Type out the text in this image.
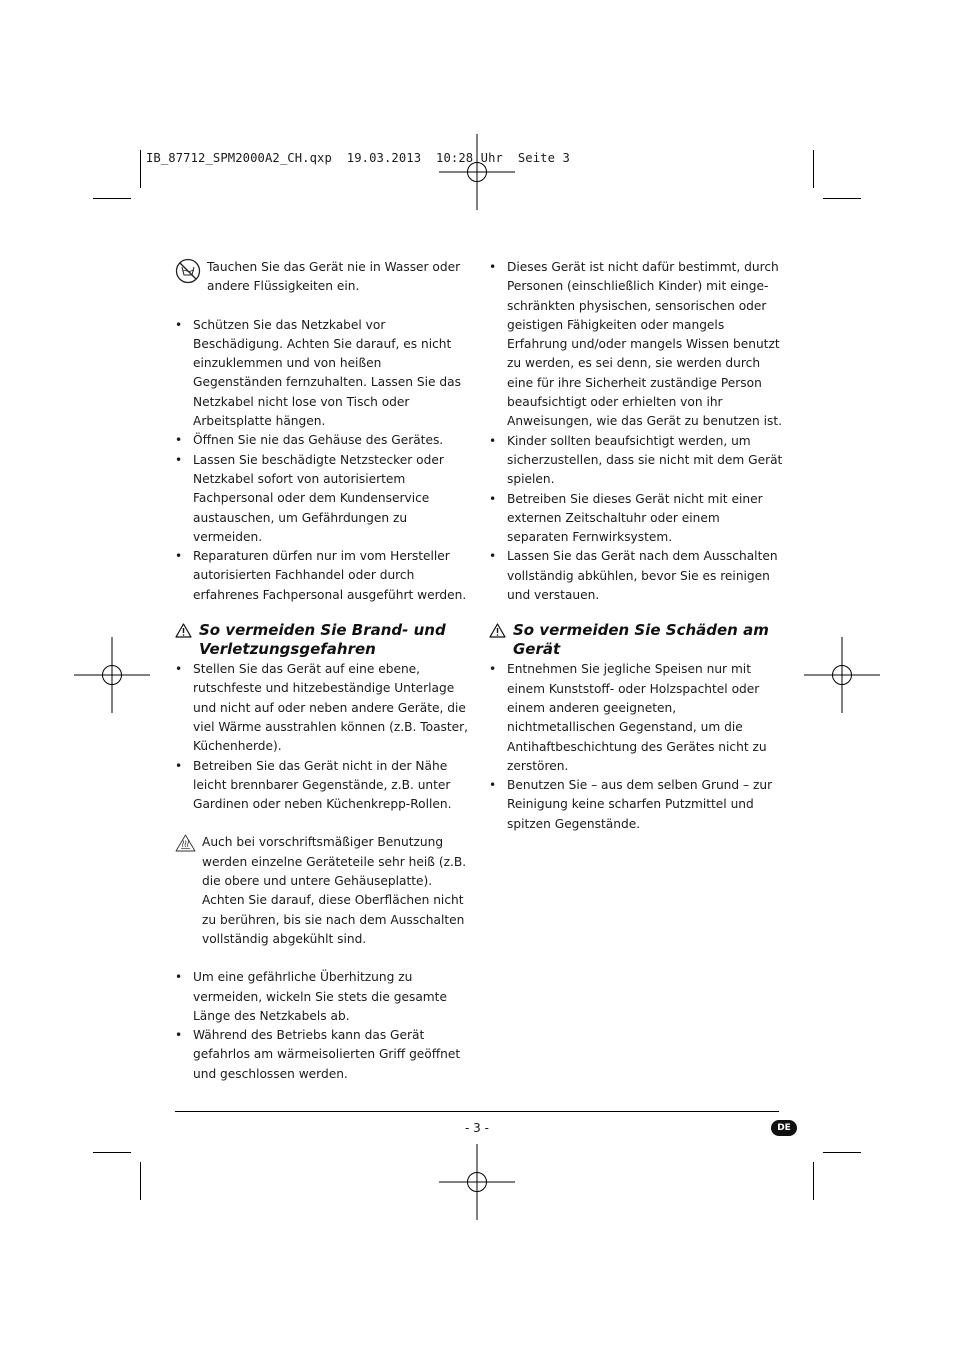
IB_87712_SPM2000A2_CH.qxp  19.03.2013  10:28 Uhr  Seite 3
Tauchen Sie das Gerät nie in Wasser oder andere Flüssigkeiten ein.
• Schützen Sie das Netzkabel vor Beschädigung. Achten Sie darauf, es nicht einzuklemmen und von heißen Gegenständen fernzuhalten. Lassen Sie das Netzkabel nicht lose von Tisch oder Arbeitsplatte hängen.
• Öffnen Sie nie das Gehäuse des Gerätes.
• Lassen Sie beschädigte Netzstecker oder Netzkabel sofort von autorisiertem Fachpersonal oder dem Kundenservice austauschen, um Gefährdungen zu vermeiden.
• Reparaturen dürfen nur im vom Hersteller autorisierten Fachhandel oder durch erfahrenes Fachpersonal ausgeführt werden.
So vermeiden Sie Brand- und Verletzungsgefahren
• Stellen Sie das Gerät auf eine ebene, rutschfeste und hitzebeständige Unterlage und nicht auf oder neben andere Geräte, die viel Wärme ausstrahlen können (z.B. Toaster, Küchenherde).
• Betreiben Sie das Gerät nicht in der Nähe leicht brennbarer Gegenstände, z.B. unter Gardinen oder neben Küchenkrepp-Rollen.
Auch bei vorschriftsmäßiger Benutzung werden einzelne Geräteteile sehr heiß (z.B. die obere und untere Gehäuseplatte). Achten Sie darauf, diese Oberflächen nicht zu berühren, bis sie nach dem Ausschalten vollständig abgekühlt sind.
• Um eine gefährliche Überhitzung zu vermeiden, wickeln Sie stets die gesamte Länge des Netzkabels ab.
• Während des Betriebs kann das Gerät gefahrlos am wärmeisolierten Griff geöffnet und geschlossen werden.
• Dieses Gerät ist nicht dafür bestimmt, durch Personen (einschließlich Kinder) mit eingeschränkten physischen, sensorischen oder geistigen Fähigkeiten oder mangels Erfahrung und/oder mangels Wissen benutzt zu werden, es sei denn, sie werden durch eine für ihre Sicherheit zuständige Person beaufsichtigt oder erhielten von ihr Anweisungen, wie das Gerät zu benutzen ist.
• Kinder sollten beaufsichtigt werden, um sicherzustellen, dass sie nicht mit dem Gerät spielen.
• Betreiben Sie dieses Gerät nicht mit einer externen Zeitschaltuhr oder einem separaten Fernwirksystem.
• Lassen Sie das Gerät nach dem Ausschalten vollständig abkühlen, bevor Sie es reinigen und verstauen.
So vermeiden Sie Schäden am Gerät
• Entnehmen Sie jegliche Speisen nur mit einem Kunststoff- oder Holzspachtel oder einem anderen geeigneten, nichtmetallischen Gegenstand, um die Antihaftbeschichtung des Gerätes nicht zu zerstören.
• Benutzen Sie – aus dem selben Grund – zur Reinigung keine scharfen Putzmittel und spitzen Gegenstände.
- 3 -	DE
